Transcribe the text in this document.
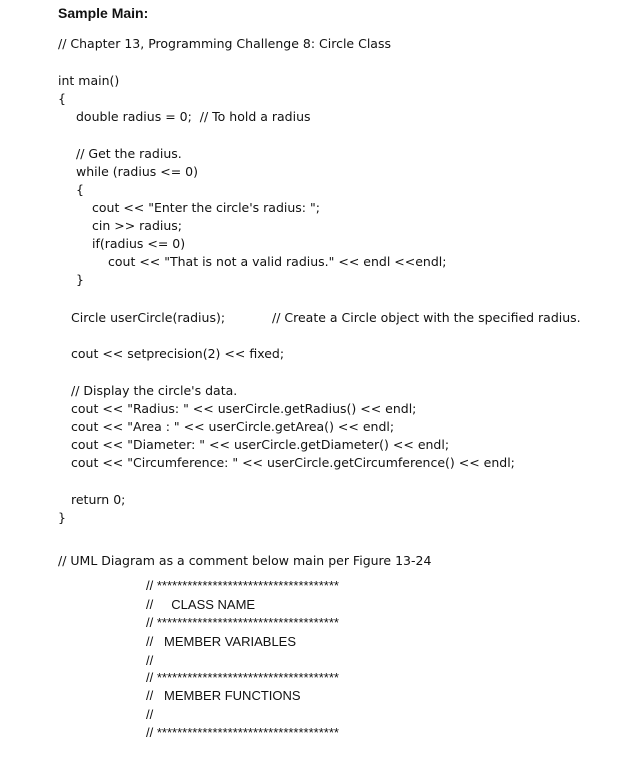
Sample Main:
// Chapter 13, Programming Challenge 8: Circle Class
int main()
{
double radius = 0;  // To hold a radius
// Get the radius.
while (radius <= 0)
{
cout << "Enter the circle's radius: ";
cin >> radius;
if(radius <= 0)
cout << "That is not a valid radius." << endl <<endl;
}
Circle userCircle(radius);	// Create a Circle object with the specified radius.
cout << setprecision(2) << fixed;
// Display the circle's data.
cout << "Radius: " << userCircle.getRadius() << endl;
cout << "Area : " << userCircle.getArea() << endl;
cout << "Diameter: " << userCircle.getDiameter() << endl;
cout << "Circumference: " << userCircle.getCircumference() << endl;
return 0;
}
// UML Diagram as a comment below main per Figure 13-24
// ************************************
//     CLASS NAME
// ************************************
//   MEMBER VARIABLES
//
// ************************************
//   MEMBER FUNCTIONS
//
// ************************************
